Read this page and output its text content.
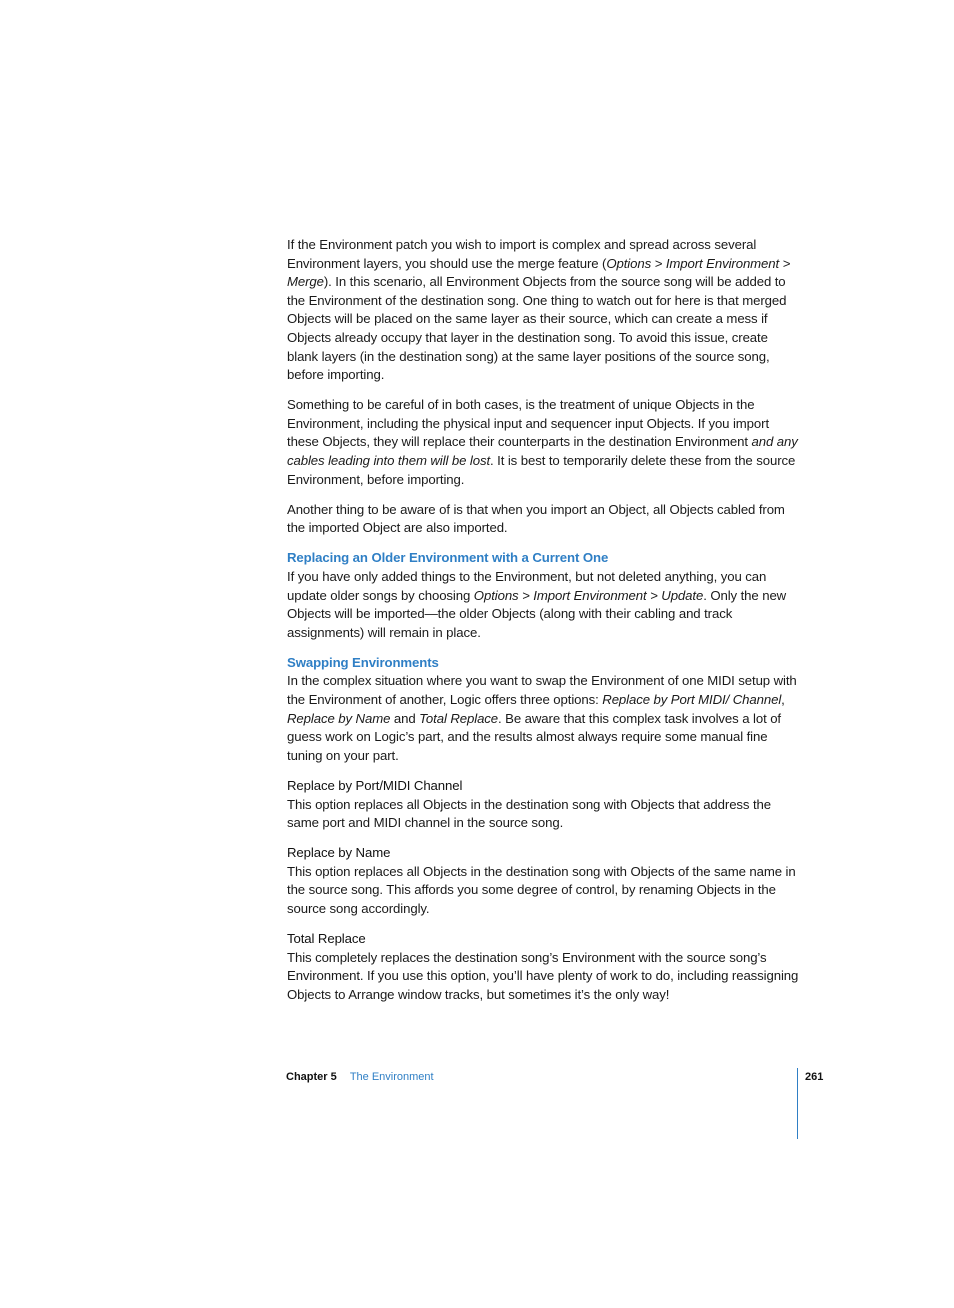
If the Environment patch you wish to import is complex and spread across several Environment layers, you should use the merge feature (Options > Import Environment > Merge). In this scenario, all Environment Objects from the source song will be added to the Environment of the destination song. One thing to watch out for here is that merged Objects will be placed on the same layer as their source, which can create a mess if Objects already occupy that layer in the destination song. To avoid this issue, create blank layers (in the destination song) at the same layer positions of the source song, before importing.

Something to be careful of in both cases, is the treatment of unique Objects in the Environment, including the physical input and sequencer input Objects. If you import these Objects, they will replace their counterparts in the destination Environment and any cables leading into them will be lost. It is best to temporarily delete these from the source Environment, before importing.

Another thing to be aware of is that when you import an Object, all Objects cabled from the imported Object are also imported.

Replacing an Older Environment with a Current One

If you have only added things to the Environment, but not deleted anything, you can update older songs by choosing Options > Import Environment > Update. Only the new Objects will be imported—the older Objects (along with their cabling and track assignments) will remain in place.

Swapping Environments

In the complex situation where you want to swap the Environment of one MIDI setup with the Environment of another, Logic offers three options: Replace by Port MIDI/ Channel, Replace by Name and Total Replace. Be aware that this complex task involves a lot of guess work on Logic’s part, and the results almost always require some manual fine tuning on your part.

Replace by Port/MIDI Channel

This option replaces all Objects in the destination song with Objects that address the same port and MIDI channel in the source song.

Replace by Name

This option replaces all Objects in the destination song with Objects of the same name in the source song. This affords you some degree of control, by renaming Objects in the source song accordingly.

Total Replace

This completely replaces the destination song’s Environment with the source song’s Environment. If you use this option, you’ll have plenty of work to do, including reassigning Objects to Arrange window tracks, but sometimes it’s the only way!

Chapter 5 The Environment	261
